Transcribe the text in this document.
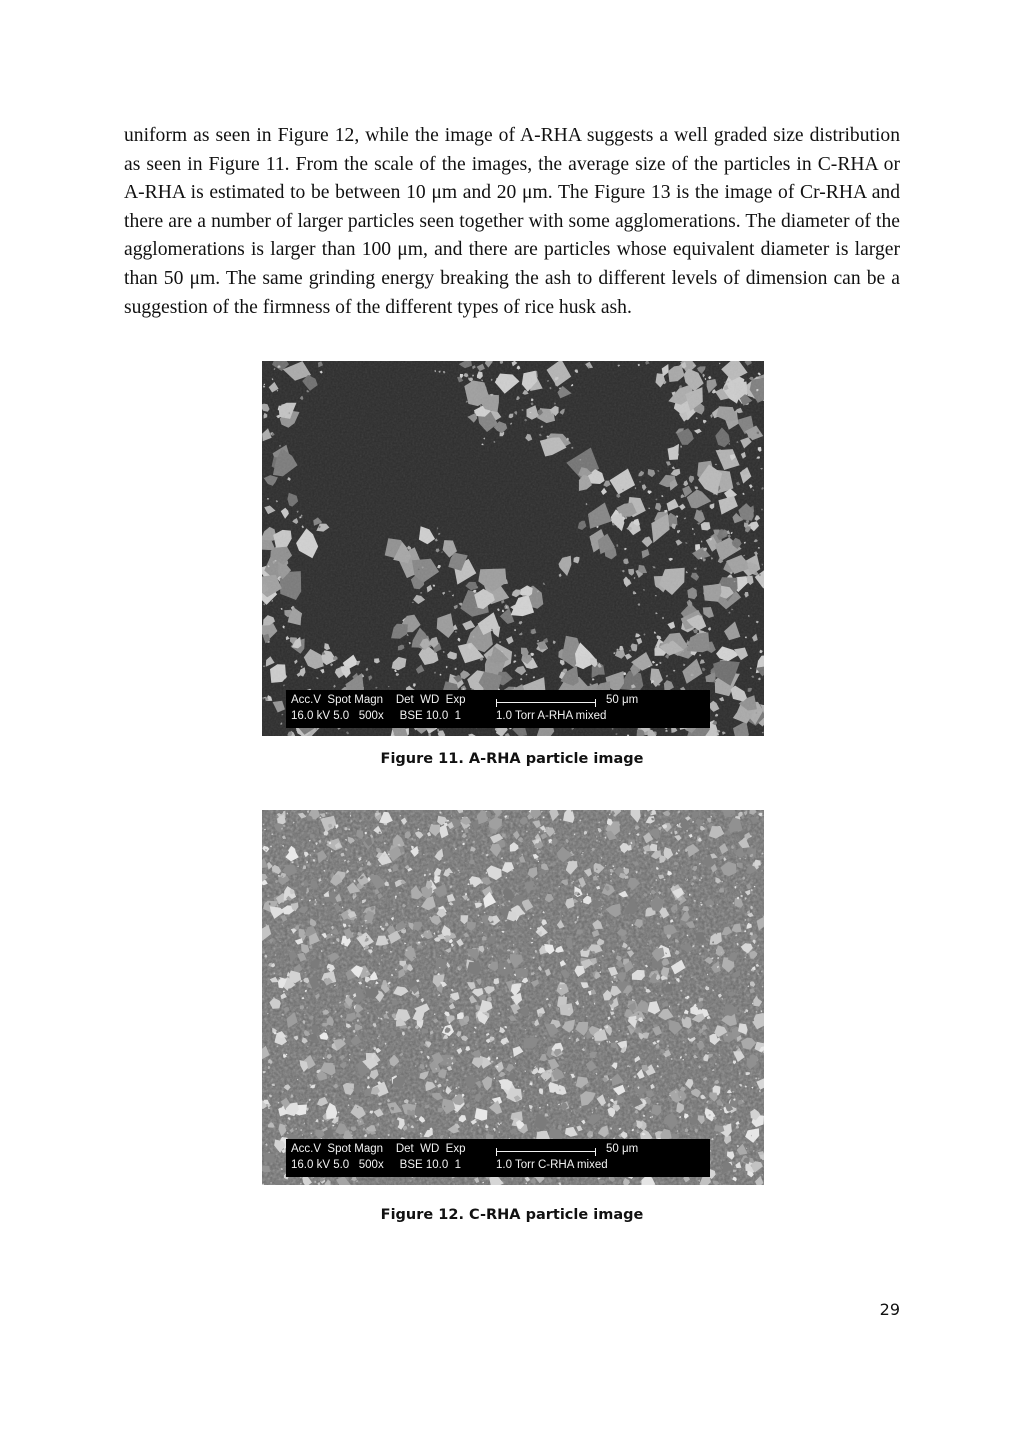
uniform as seen in Figure 12, while the image of A-RHA suggests a well graded size distribution as seen in Figure 11. From the scale of the images, the average size of the particles in C-RHA or A-RHA is estimated to be between 10 μm and 20 μm. The Figure 13 is the image of Cr-RHA and there are a number of larger particles seen together with some agglomerations. The diameter of the agglomerations is larger than 100 μm, and there are particles whose equivalent diameter is larger than 50 μm. The same grinding energy breaking the ash to different levels of dimension can be a suggestion of the firmness of the different types of rice husk ash.

Acc.V  Spot Magn    Det  WD  Exp
16.0 kV 5.0   500x     BSE 10.0  1
50 μm
1.0 Torr A-RHA mixed
Figure 11. A-RHA particle image
Acc.V  Spot Magn    Det  WD  Exp
16.0 kV 5.0   500x     BSE 10.0  1
50 μm
1.0 Torr C-RHA mixed
Figure 12. C-RHA particle image
29
